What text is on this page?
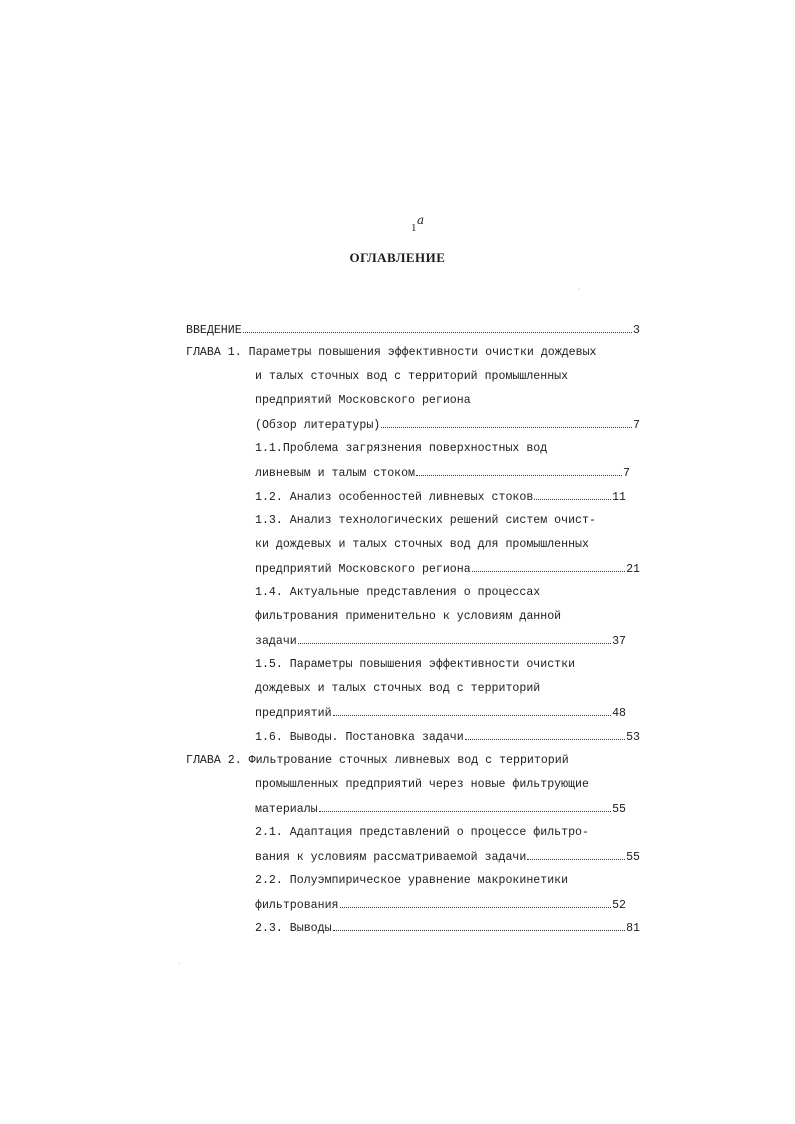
1
a
ОГЛАВЛЕНИЕ
ВВЕДЕНИЕ	3
ГЛАВА 1. Параметры повышения эффективности очистки дождевых
и талых сточных вод с территорий промышленных
предприятий Московского региона
(Обзор литературы)	7
1.1.Проблема загрязнения поверхностных вод
ливневым и талым стоком	7
1.2. Анализ особенностей ливневых стоков	11
1.3. Анализ технологических решений систем очист-
ки дождевых и талых сточных вод для промышленных
предприятий Московского региона	21
1.4. Актуальные представления о процессах
фильтрования применительно к условиям данной
задачи	37
1.5. Параметры повышения эффективности очистки
дождевых и талых сточных вод с территорий
предприятий	48
1.6. Выводы. Постановка задачи	53
ГЛАВА 2. Фильтрование сточных ливневых вод с территорий
промышленных предприятий через новые фильтрующие
материалы	55
2.1. Адаптация представлений о процессе фильтро-
вания к условиям рассматриваемой задачи	55
2.2. Полуэмпирическое уравнение макрокинетики
фильтрования	52
2.3. Выводы	81
